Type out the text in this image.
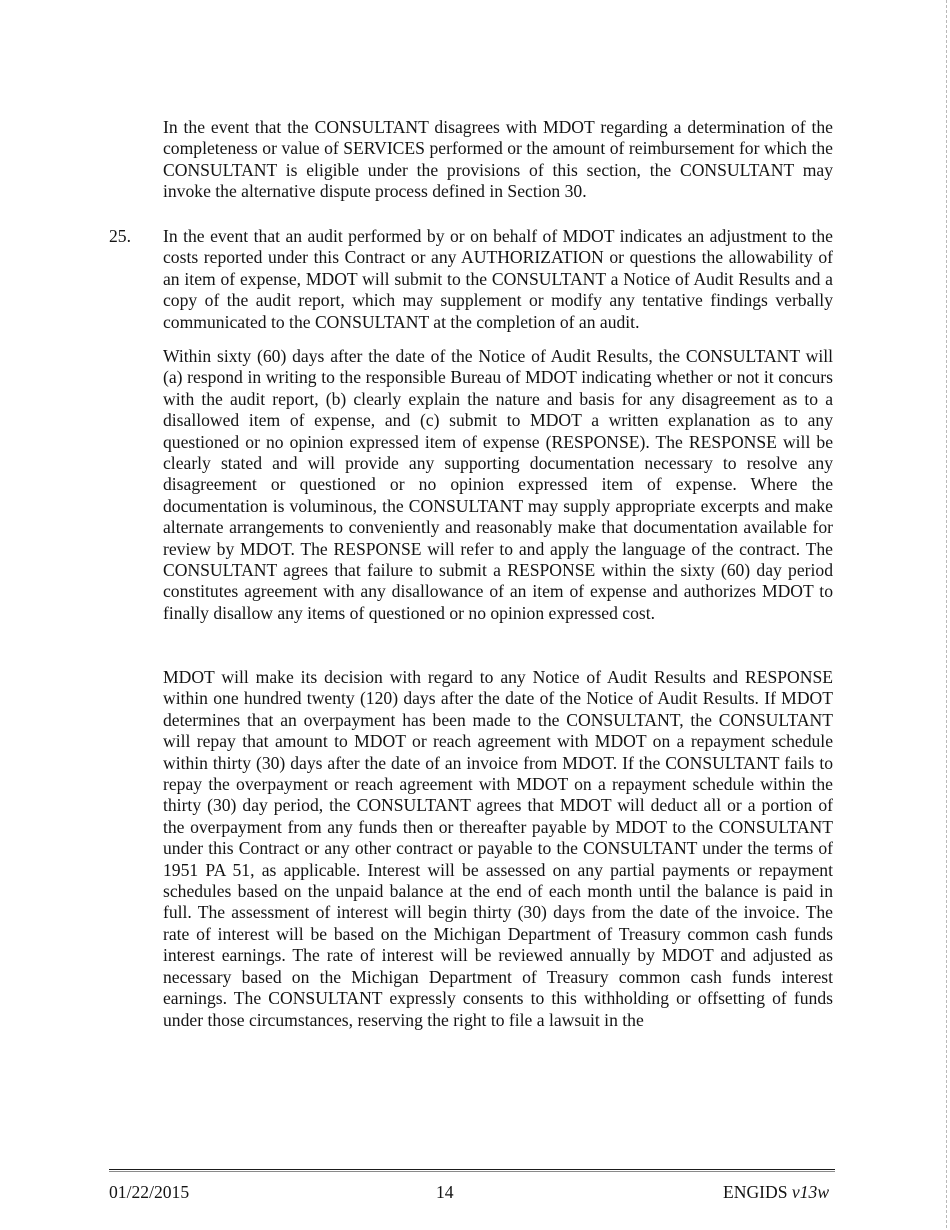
In the event that the CONSULTANT disagrees with MDOT regarding a determination of the completeness or value of SERVICES performed or the amount of reimbursement for which the CONSULTANT is eligible under the provisions of this section, the CONSULTANT may invoke the alternative dispute process defined in Section 30.

25. In the event that an audit performed by or on behalf of MDOT indicates an adjustment to the costs reported under this Contract or any AUTHORIZATION or questions the allowability of an item of expense, MDOT will submit to the CONSULTANT a Notice of Audit Results and a copy of the audit report, which may supplement or modify any tentative findings verbally communicated to the CONSULTANT at the completion of an audit.

Within sixty (60) days after the date of the Notice of Audit Results, the CONSULTANT will (a) respond in writing to the responsible Bureau of MDOT indicating whether or not it concurs with the audit report, (b) clearly explain the nature and basis for any disagreement as to a disallowed item of expense, and (c) submit to MDOT a written explanation as to any questioned or no opinion expressed item of expense (RESPONSE). The RESPONSE will be clearly stated and will provide any supporting documentation necessary to resolve any disagreement or questioned or no opinion expressed item of expense. Where the documentation is voluminous, the CONSULTANT may supply appropriate excerpts and make alternate arrangements to conveniently and reasonably make that documentation available for review by MDOT. The RESPONSE will refer to and apply the language of the contract. The CONSULTANT agrees that failure to submit a RESPONSE within the sixty (60) day period constitutes agreement with any disallowance of an item of expense and authorizes MDOT to finally disallow any items of questioned or no opinion expressed cost.

MDOT will make its decision with regard to any Notice of Audit Results and RESPONSE within one hundred twenty (120) days after the date of the Notice of Audit Results. If MDOT determines that an overpayment has been made to the CONSULTANT, the CONSULTANT will repay that amount to MDOT or reach agreement with MDOT on a repayment schedule within thirty (30) days after the date of an invoice from MDOT. If the CONSULTANT fails to repay the overpayment or reach agreement with MDOT on a repayment schedule within the thirty (30) day period, the CONSULTANT agrees that MDOT will deduct all or a portion of the overpayment from any funds then or thereafter payable by MDOT to the CONSULTANT under this Contract or any other contract or payable to the CONSULTANT under the terms of 1951 PA 51, as applicable. Interest will be assessed on any partial payments or repayment schedules based on the unpaid balance at the end of each month until the balance is paid in full. The assessment of interest will begin thirty (30) days from the date of the invoice. The rate of interest will be based on the Michigan Department of Treasury common cash funds interest earnings. The rate of interest will be reviewed annually by MDOT and adjusted as necessary based on the Michigan Department of Treasury common cash funds interest earnings. The CONSULTANT expressly consents to this withholding or offsetting of funds under those circumstances, reserving the right to file a lawsuit in the

01/22/2015	14	ENGIDS v13w
